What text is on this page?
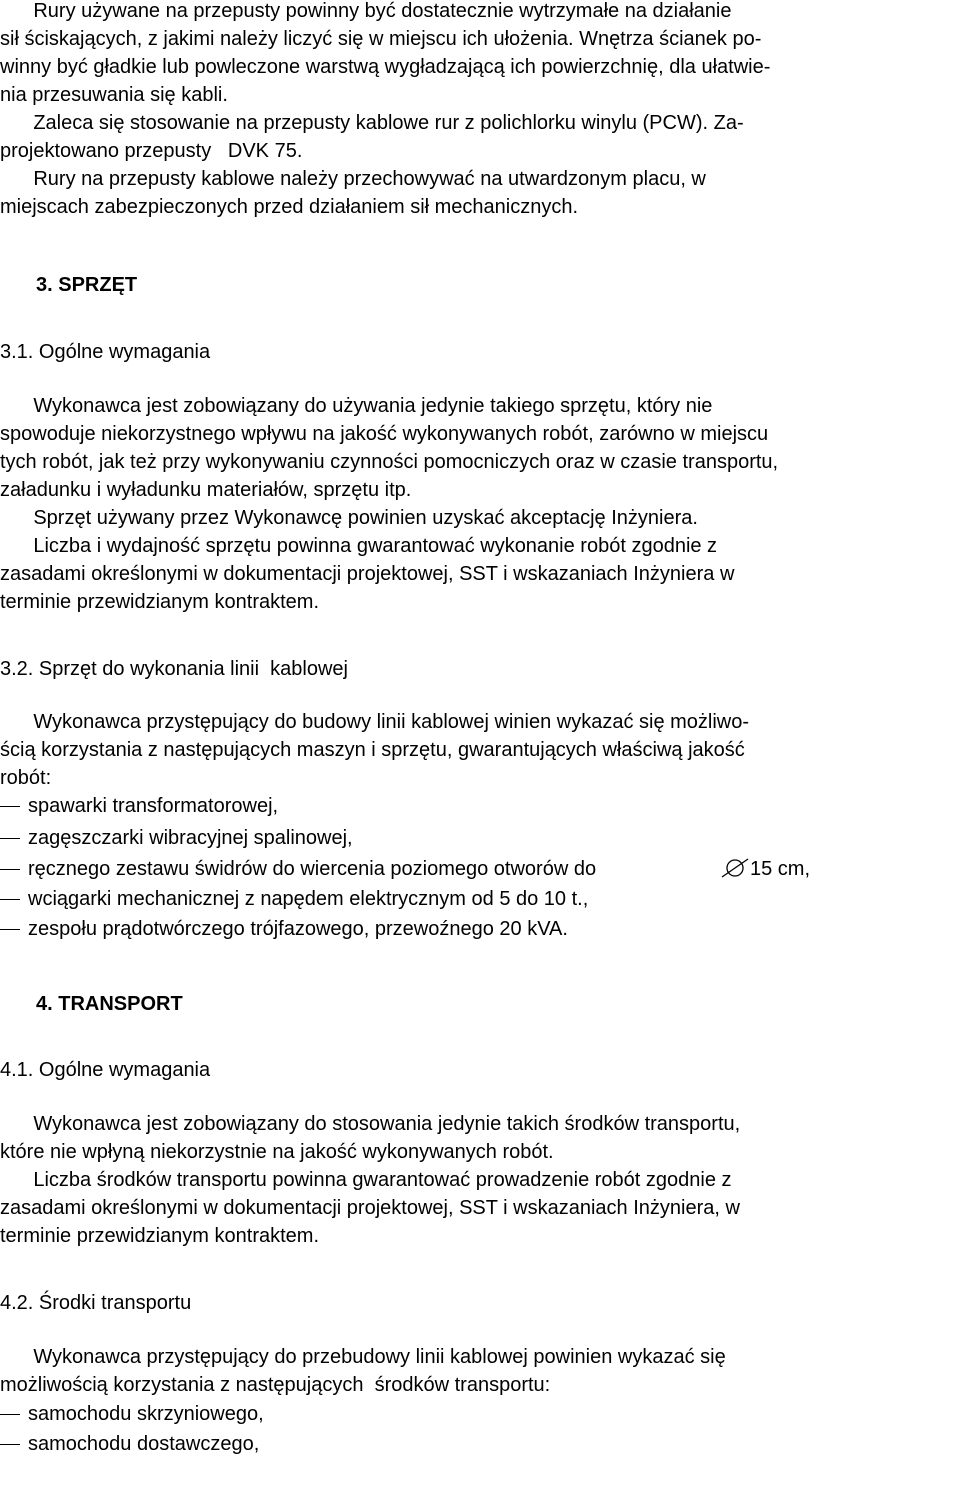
Rury używane na przepusty powinny być dostatecznie wytrzymałe na działanie
sił ściskających, z jakimi należy liczyć się w miejscu ich ułożenia. Wnętrza ścianek po-
winny być gładkie lub powleczone warstwą wygładzającą ich powierzchnię, dla ułatwie-
nia przesuwania się kabli.
Zaleca się stosowanie na przepusty kablowe rur z polichlorku winylu (PCW). Za-
projektowano przepusty   DVK 75.
Rury na przepusty kablowe należy przechowywać na utwardzonym placu, w
miejscach zabezpieczonych przed działaniem sił mechanicznych.
3. SPRZĘT
3.1. Ogólne wymagania
Wykonawca jest zobowiązany do używania jedynie takiego sprzętu, który nie
spowoduje niekorzystnego wpływu na jakość wykonywanych robót, zarówno w miejscu
tych robót, jak też przy wykonywaniu czynności pomocniczych oraz w czasie transportu,
załadunku i wyładunku materiałów, sprzętu itp.
Sprzęt używany przez Wykonawcę powinien uzyskać akceptację Inżyniera.
Liczba i wydajność sprzętu powinna gwarantować wykonanie robót zgodnie z
zasadami określonymi w dokumentacji projektowej, SST i wskazaniach Inżyniera w
terminie przewidzianym kontraktem.
3.2. Sprzęt do wykonania linii  kablowej
Wykonawca przystępujący do budowy linii kablowej winien wykazać się możliwo-
ścią korzystania z następujących maszyn i sprzętu, gwarantujących właściwą jakość
robót:
spawarki transformatorowej,
zagęszczarki wibracyjnej spalinowej,
ręcznego zestawu świdrów do wiercenia poziomego otworów do	15 cm,
wciągarki mechanicznej z napędem elektrycznym od 5 do 10 t.,
zespołu prądotwórczego trójfazowego, przewoźnego 20 kVA.
4. TRANSPORT
4.1. Ogólne wymagania
Wykonawca jest zobowiązany do stosowania jedynie takich środków transportu,
które nie wpłyną niekorzystnie na jakość wykonywanych robót.
Liczba środków transportu powinna gwarantować prowadzenie robót zgodnie z
zasadami określonymi w dokumentacji projektowej, SST i wskazaniach Inżyniera, w
terminie przewidzianym kontraktem.
4.2. Środki transportu
Wykonawca przystępujący do przebudowy linii kablowej powinien wykazać się
możliwością korzystania z następujących  środków transportu:
samochodu skrzyniowego,
samochodu dostawczego,
